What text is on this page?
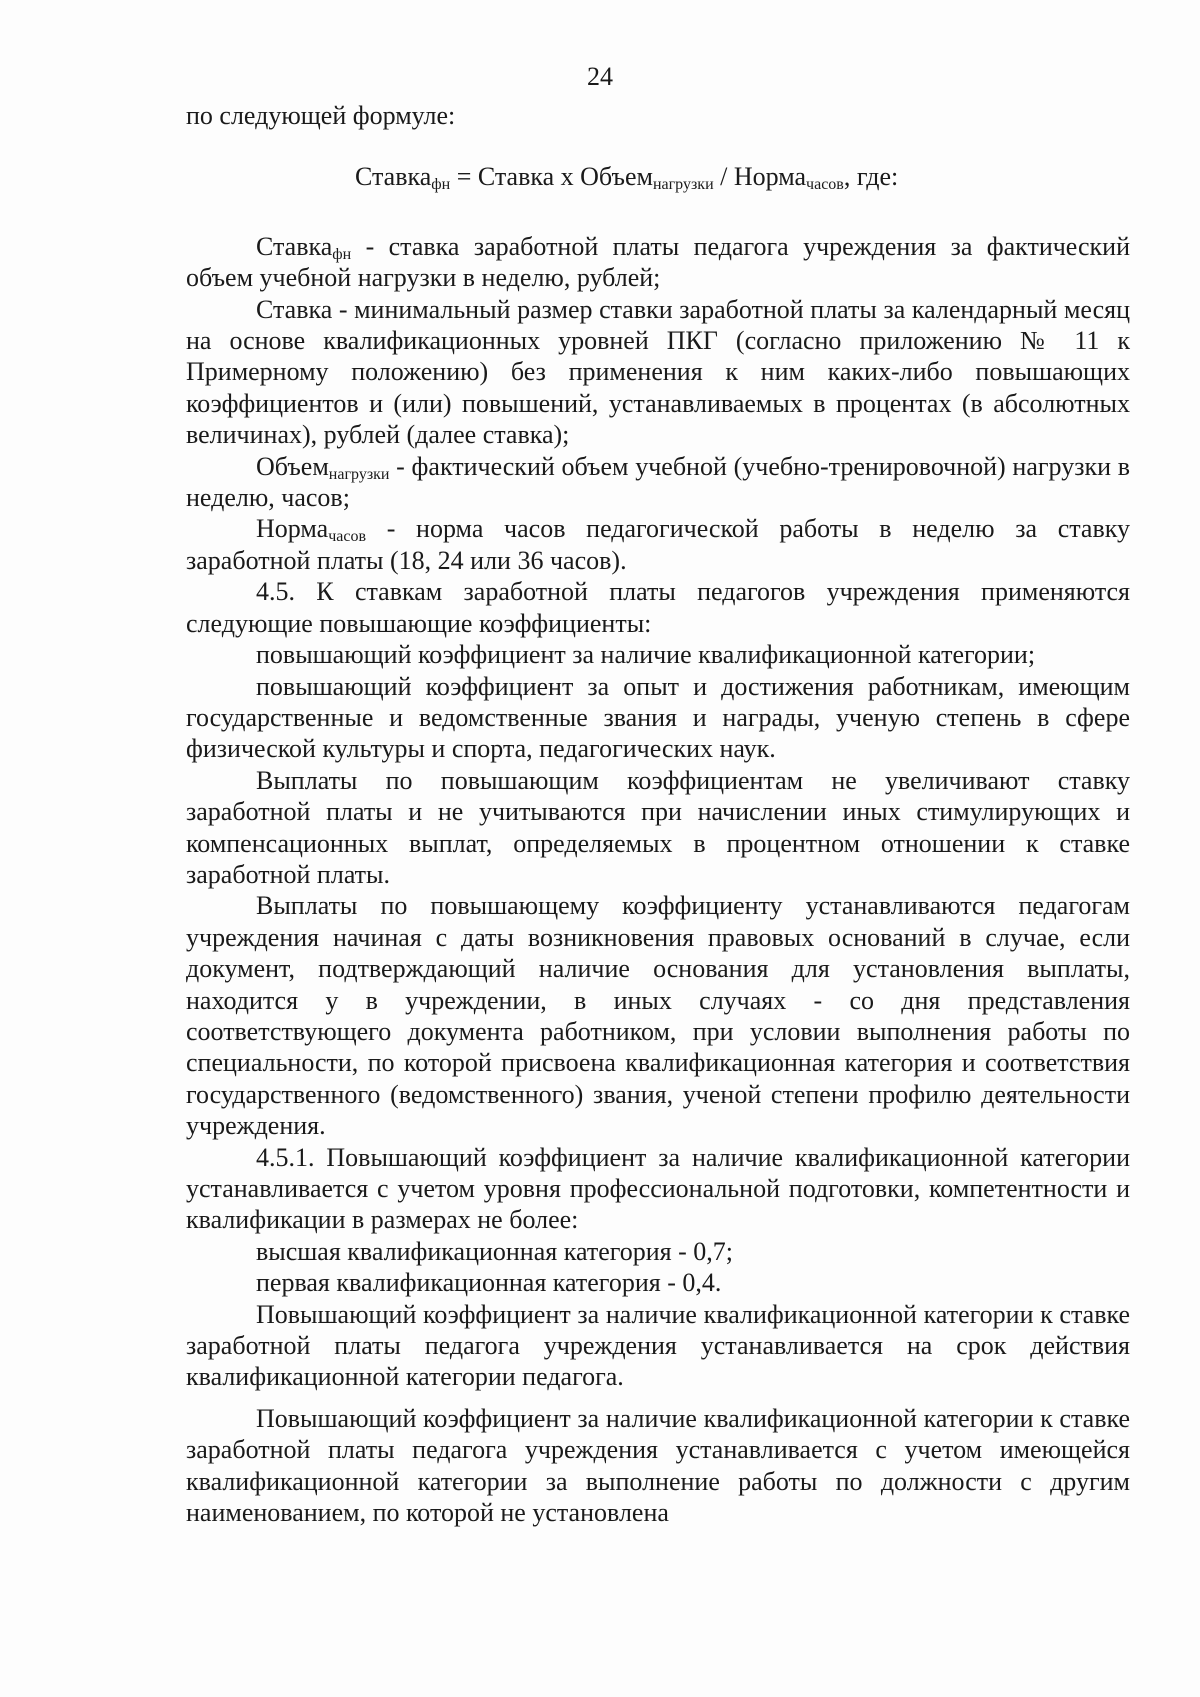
24

по следующей формуле:

Ставка$_{фн}$ = Ставка х Объем$_{нагрузки}$ / Норма$_{часов}$, где:

Ставка$_{фн}$ - ставка заработной платы педагога учреждения за фактический объем учебной нагрузки в неделю, рублей;

Ставка - минимальный размер ставки заработной платы за календарный месяц на основе квалификационных уровней ПКГ (согласно приложению № 11 к Примерному положению) без применения к ним каких-либо повышающих коэффициентов и (или) повышений, устанавливаемых в процентах (в абсолютных величинах), рублей (далее ставка);

Объем$_{нагрузки}$ - фактический объем учебной (учебно-тренировочной) нагрузки в неделю, часов;

Норма$_{часов}$ - норма часов педагогической работы в неделю за ставку заработной платы (18, 24 или 36 часов).

4.5. К ставкам заработной платы педагогов учреждения применяются следующие повышающие коэффициенты:

повышающий коэффициент за наличие квалификационной категории;

повышающий коэффициент за опыт и достижения работникам, имеющим государственные и ведомственные звания и награды, ученую степень в сфере физической культуры и спорта, педагогических наук.

Выплаты по повышающим коэффициентам не увеличивают ставку заработной платы и не учитываются при начислении иных стимулирующих и компенсационных выплат, определяемых в процентном отношении к ставке заработной платы.

Выплаты по повышающему коэффициенту устанавливаются педагогам учреждения начиная с даты возникновения правовых оснований в случае, если документ, подтверждающий наличие основания для установления выплаты, находится у в учреждении, в иных случаях - со дня представления соответствующего документа работником, при условии выполнения работы по специальности, по которой присвоена квалификационная категория и соответствия государственного (ведомственного) звания, ученой степени профилю деятельности учреждения.

4.5.1. Повышающий коэффициент за наличие квалификационной категории устанавливается с учетом уровня профессиональной подготовки, компетентности и квалификации в размерах не более:

высшая квалификационная категория - 0,7;

первая квалификационная категория - 0,4.

Повышающий коэффициент за наличие квалификационной категории к ставке заработной платы педагога учреждения устанавливается на срок действия квалификационной категории педагога.

Повышающий коэффициент за наличие квалификационной категории к ставке заработной платы педагога учреждения устанавливается с учетом имеющейся квалификационной категории за выполнение работы по должности с другим наименованием, по которой не установлена
